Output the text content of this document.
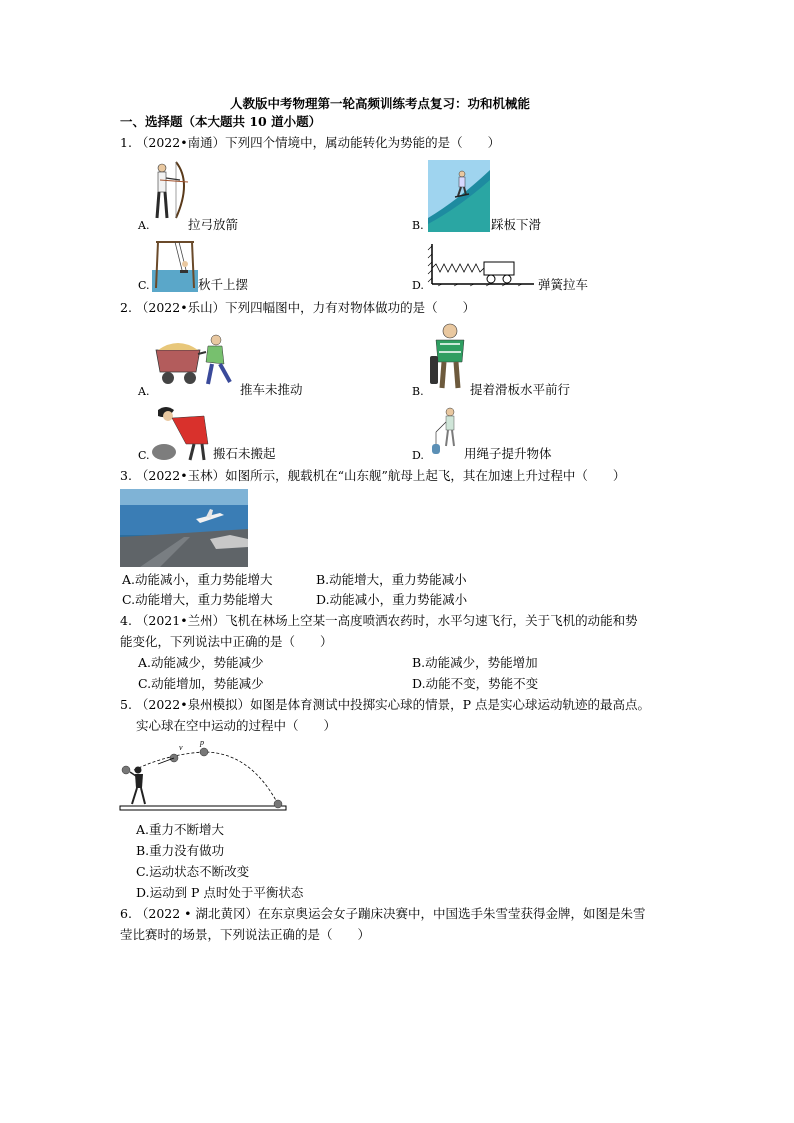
人教版中考物理第一轮高频训练考点复习：功和机械能
一、选择题（本大题共 10 道小题）
1. （2022•南通）下列四个情境中，属动能转化为势能的是（　　）
A.	拉弓放箭	B.	踩板下滑
C.	秋千上摆	D.	弹簧拉车
2. （2022•乐山）下列四幅图中，力有对物体做功的是（　　）
A.	推车未推动	B.	提着滑板水平前行
C.	搬石未搬起	D.	用绳子提升物体
3. （2022•玉林）如图所示，舰载机在“山东舰”航母上起飞，其在加速上升过程中（　　）
A.动能减小，重力势能增大	B.动能增大，重力势能减小
C.动能增大，重力势能增大	D.动能减小，重力势能减小
4. （2021•兰州）飞机在林场上空某一高度喷洒农药时，水平匀速飞行，关于飞机的动能和势
能变化，下列说法中正确的是（　　）
A.动能减少，势能减少	B.动能减少，势能增加
C.动能增加，势能减少	D.动能不变，势能不变
5. （2022•泉州模拟）如图是体育测试中投掷实心球的情景，P 点是实心球运动轨迹的最高点。
实心球在空中运动的过程中（　　）
v
p
A.重力不断增大
B.重力没有做功
C.运动状态不断改变
D.运动到 P 点时处于平衡状态
6. （2022 • 湖北黄冈）在东京奥运会女子蹦床决赛中，中国选手朱雪莹获得金牌，如图是朱雪
莹比赛时的场景，下列说法正确的是（　　）
